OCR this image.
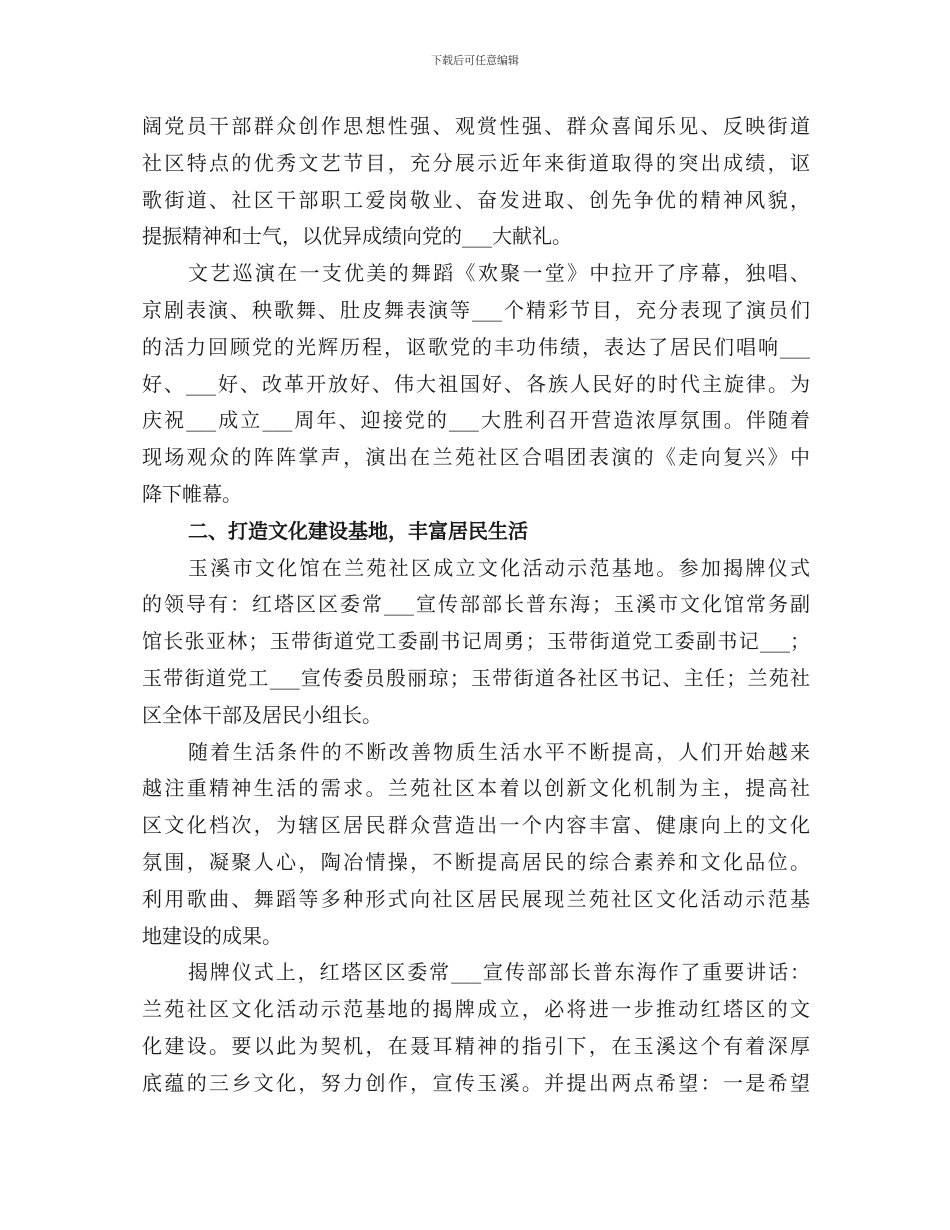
下载后可任意编辑
阔党员干部群众创作思想性强、观赏性强、群众喜闻乐见、反映街道
社区特点的优秀文艺节目，充分展示近年来街道取得的突出成绩，讴
歌街道、社区干部职工爱岗敬业、奋发进取、创先争优的精神风貌，
提振精神和士气，以优异成绩向党的___大献礼。
文艺巡演在一支优美的舞蹈《欢聚一堂》中拉开了序幕，独唱、
京剧表演、秧歌舞、肚皮舞表演等___个精彩节目，充分表现了演员们
的活力回顾党的光辉历程，讴歌党的丰功伟绩，表达了居民们唱响___
好、___好、改革开放好、伟大祖国好、各族人民好的时代主旋律。为
庆祝___成立___周年、迎接党的___大胜利召开营造浓厚氛围。伴随着
现场观众的阵阵掌声，演出在兰苑社区合唱团表演的《走向复兴》中
降下帷幕。
二、打造文化建设基地，丰富居民生活
玉溪市文化馆在兰苑社区成立文化活动示范基地。参加揭牌仪式
的领导有：红塔区区委常___宣传部部长普东海；玉溪市文化馆常务副
馆长张亚林；玉带街道党工委副书记周勇；玉带街道党工委副书记___；
玉带街道党工___宣传委员殷丽琼；玉带街道各社区书记、主任；兰苑社
区全体干部及居民小组长。
随着生活条件的不断改善物质生活水平不断提高，人们开始越来
越注重精神生活的需求。兰苑社区本着以创新文化机制为主，提高社
区文化档次，为辖区居民群众营造出一个内容丰富、健康向上的文化
氛围，凝聚人心，陶冶情操，不断提高居民的综合素养和文化品位。
利用歌曲、舞蹈等多种形式向社区居民展现兰苑社区文化活动示范基
地建设的成果。
揭牌仪式上，红塔区区委常___宣传部部长普东海作了重要讲话：
兰苑社区文化活动示范基地的揭牌成立，必将进一步推动红塔区的文
化建设。要以此为契机，在聂耳精神的指引下，在玉溪这个有着深厚
底蕴的三乡文化，努力创作，宣传玉溪。并提出两点希望：一是希望
